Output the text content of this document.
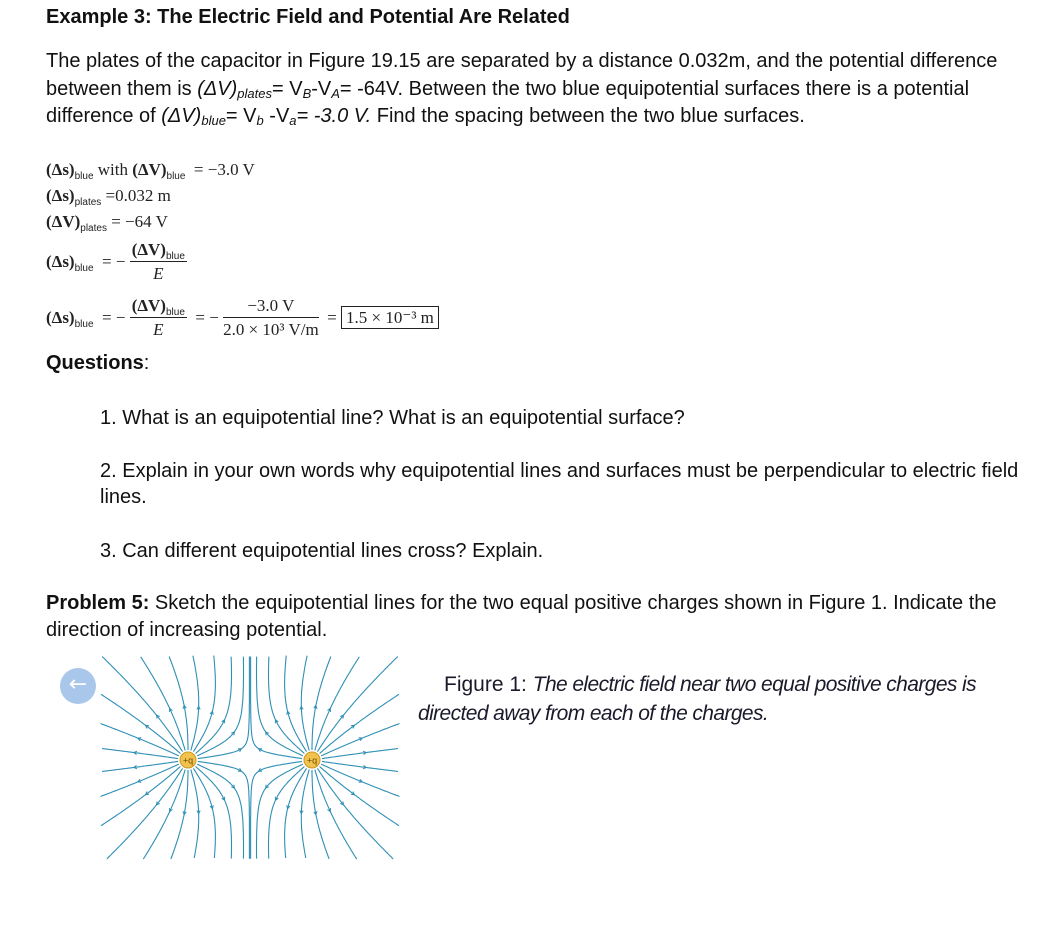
Example 3: The Electric Field and Potential Are Related
The plates of the capacitor in Figure 19.15 are separated by a distance 0.032m, and the potential difference between them is $(\Delta V)_{plates}= V_B-V_A= -64V$. Between the two blue equipotential surfaces there is a potential difference of $(\Delta V)_{blue}= V_b$ $-V_a= -3.0$ V. Find the spacing between the two blue surfaces.
$(\Delta s)_{blue}$ with $(\Delta V)_{blue} = -3.0$ V
$(\Delta s)_{plates} =0.032$ m
$(\Delta V)_{plates} = -64$ V
$(\Delta s)_{blue}$ = − $\frac{(\Delta V)_{blue}}{E}$
$(\Delta s)_{blue}$ = − $\frac{(\Delta V)_{blue}}{E}$ = − $\frac{-3.0 V}{\text{2.0 × 10³ V/m}} = 1.5 \times 10^{-3}$ m
Questions:
1. What is an equipotential line? What is an equipotential surface?
2. Explain in your own words why equipotential lines and surfaces must be perpendicular to electric field lines.
3. Can different equipotential lines cross? Explain.
Problem 5: Sketch the equipotential lines for the two equal positive charges shown in Figure 1. Indicate the direction of increasing potential.
←
+q	+q
Figure 1: The electric field near two equal positive charges is directed away from each of the charges.
